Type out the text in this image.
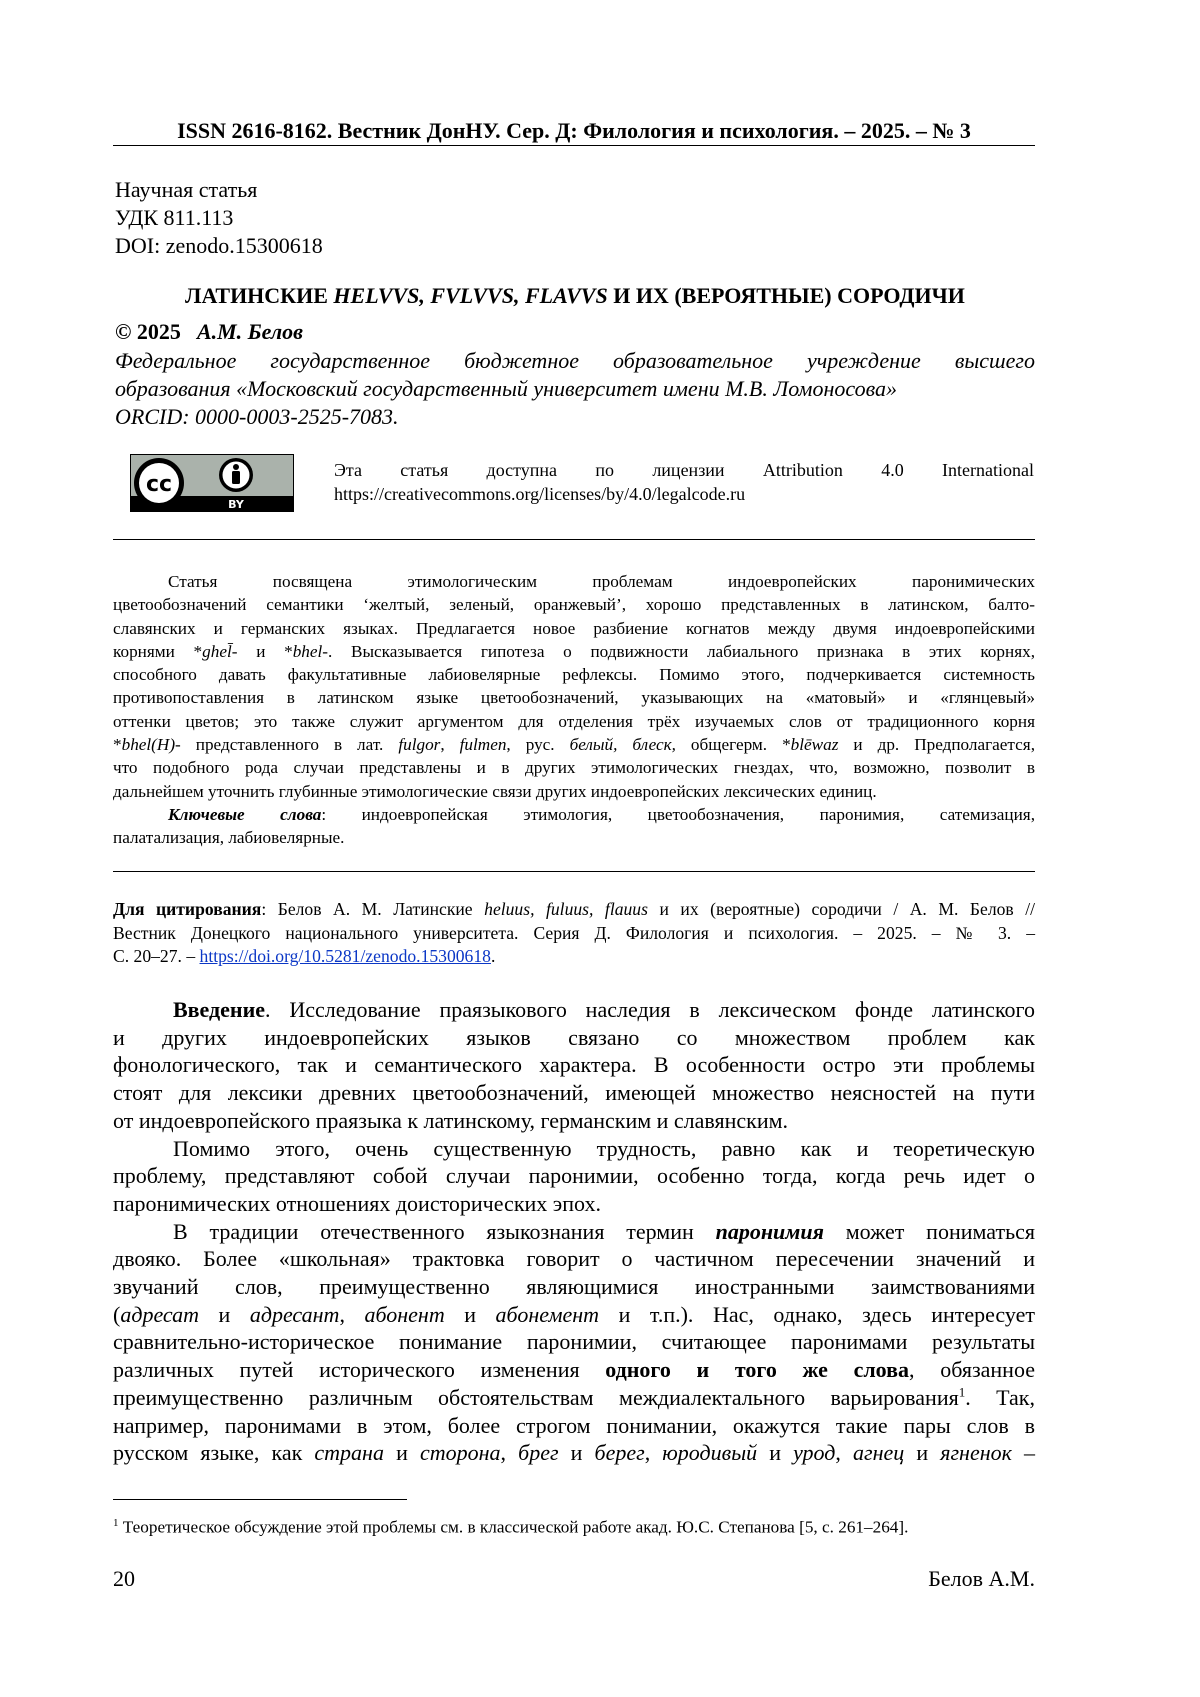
ISSN 2616-8162. Вестник ДонНУ. Сер. Д: Филология и психология. – 2025. – № 3
Научная статья
УДК 811.113
DOI: zenodo.15300618
ЛАТИНСКИЕ HELVVS, FVLVVS, FLAVVS И ИХ (ВЕРОЯТНЫЕ) СОРОДИЧИ
© 2025 А.М. Белов
Федеральное государственное бюджетное образовательное учреждение высшего
образования «Московский государственный университет имени М.В. Ломоносова»
ORCID: 0000-0003-2525-7083.
cc
BY
Эта статья доступна по лицензии Attribution 4.0 International
https://creativecommons.org/licenses/by/4.0/legalcode.ru
Статья посвящена этимологическим проблемам индоевропейских паронимических
цветообозначений семантики ‘желтый, зеленый, оранжевый’, хорошо представленных в латинском, балто-
славянских и германских языках. Предлагается новое разбиение когнатов между двумя индоевропейскими
корнями *ghel̄- и *bhel-. Высказывается гипотеза о подвижности лабиального признака в этих корнях,
способного давать факультативные лабиовелярные рефлексы. Помимо этого, подчеркивается системность
противопоставления в латинском языке цветообозначений, указывающих на «матовый» и «глянцевый»
оттенки цветов; это также служит аргументом для отделения трёх изучаемых слов от традиционного корня
*bhel(H)- представленного в лат. fulgor, fulmen, рус. белый, блеск, общегерм. *blēwaz и др. Предполагается,
что подобного рода случаи представлены и в других этимологических гнездах, что, возможно, позволит в
дальнейшем уточнить глубинные этимологические связи других индоевропейских лексических единиц.
Ключевые слова: индоевропейская этимология, цветообозначения, паронимия, сатемизация,
палатализация, лабиовелярные.
Для цитирования: Белов А. М. Латинские heluus, fuluus, flauus и их (вероятные) сородичи / А. М. Белов //
Вестник Донецкого национального университета. Серия Д. Филология и психология. – 2025. – № 3. –
С. 20–27. – https://doi.org/10.5281/zenodo.15300618.
Введение. Исследование праязыкового наследия в лексическом фонде латинского
и других индоевропейских языков связано со множеством проблем как
фонологического, так и семантического характера. В особенности остро эти проблемы
стоят для лексики древних цветообозначений, имеющей множество неясностей на пути
от индоевропейского праязыка к латинскому, германским и славянским.
Помимо этого, очень существенную трудность, равно как и теоретическую
проблему, представляют собой случаи паронимии, особенно тогда, когда речь идет о
паронимических отношениях доисторических эпох.
В традиции отечественного языкознания термин паронимия может пониматься
двояко. Более «школьная» трактовка говорит о частичном пересечении значений и
звучаний слов, преимущественно являющимися иностранными заимствованиями
(адресат и адресант, абонент и абонемент и т.п.). Нас, однако, здесь интересует
сравнительно-историческое понимание паронимии, считающее паронимами результаты
различных путей исторического изменения одного и того же слова, обязанное
преимущественно различным обстоятельствам междиалектального варьирования$^1$. Так,
например, паронимами в этом, более строгом понимании, окажутся такие пары слов в
русском языке, как страна и сторона, брег и берег, юродивый и урод, агнец и ягненок –
$^1$ Теоретическое обсуждение этой проблемы см. в классической работе акад. Ю.С. Степанова [5, с. 261–264].
20	Белов А.М.
